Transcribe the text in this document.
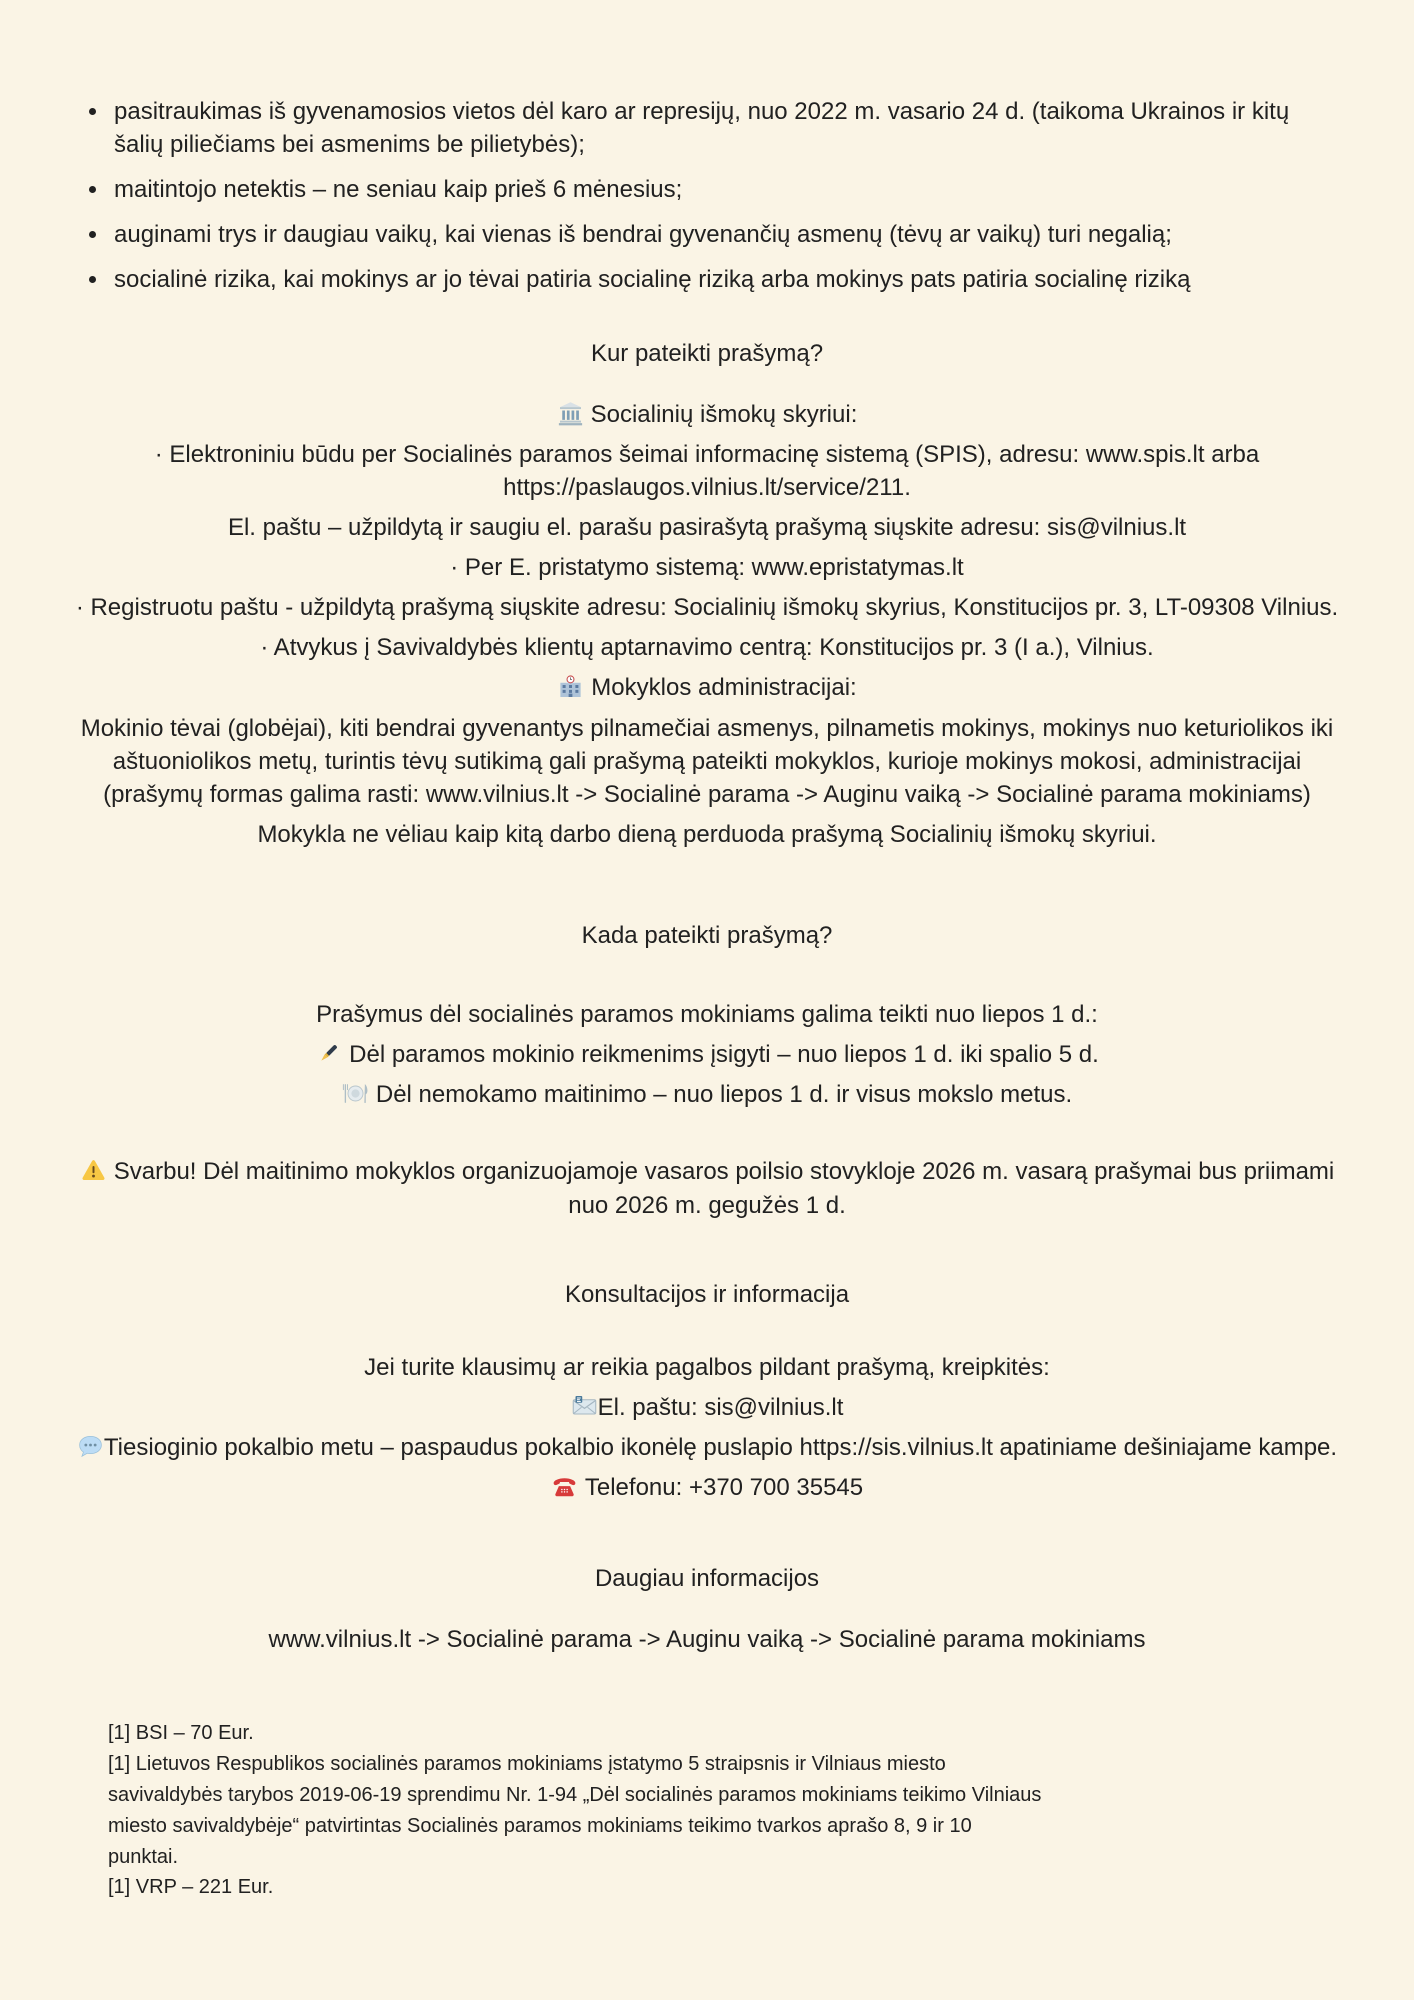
• pasitraukimas iš gyvenamosios vietos dėl karo ar represijų, nuo 2022 m. vasario 24 d. (taikoma Ukrainos ir kitų šalių piliečiams bei asmenims be pilietybės);
• maitintojo netektis – ne seniau kaip prieš 6 mėnesius;
• auginami trys ir daugiau vaikų, kai vienas iš bendrai gyvenančių asmenų (tėvų ar vaikų) turi negalią;
• socialinė rizika, kai mokinys ar jo tėvai patiria socialinę riziką arba mokinys pats patiria socialinę riziką
Kur pateikti prašymą?

Socialinių išmokų skyriui:

· Elektroniniu būdu per Socialinės paramos šeimai informacinę sistemą (SPIS), adresu: www.spis.lt arba https://paslaugos.vilnius.lt/service/211.

El. paštu – užpildytą ir saugiu el. parašu pasirašytą prašymą siųskite adresu: sis@vilnius.lt

· Per E. pristatymo sistemą: www.epristatymas.lt

· Registruotu paštu - užpildytą prašymą siųskite adresu: Socialinių išmokų skyrius, Konstitucijos pr. 3, LT-09308 Vilnius.

· Atvykus į Savivaldybės klientų aptarnavimo centrą: Konstitucijos pr. 3 (I a.), Vilnius.

Mokyklos administracijai:

Mokinio tėvai (globėjai), kiti bendrai gyvenantys pilnamečiai asmenys, pilnametis mokinys, mokinys nuo keturiolikos iki aštuoniolikos metų, turintis tėvų sutikimą gali prašymą pateikti mokyklos, kurioje mokinys mokosi, administracijai (prašymų formas galima rasti: www.vilnius.lt -> Socialinė parama -> Auginu vaiką -> Socialinė parama mokiniams)

Mokykla ne vėliau kaip kitą darbo dieną perduoda prašymą Socialinių išmokų skyriui.

Kada pateikti prašymą?

Prašymus dėl socialinės paramos mokiniams galima teikti nuo liepos 1 d.:

Dėl paramos mokinio reikmenims įsigyti – nuo liepos 1 d. iki spalio 5 d.

Dėl nemokamo maitinimo – nuo liepos 1 d. ir visus mokslo metus.

Svarbu! Dėl maitinimo mokyklos organizuojamoje vasaros poilsio stovykloje 2026 m. vasarą prašymai bus priimami nuo 2026 m. gegužės 1 d.

Konsultacijos ir informacija

Jei turite klausimų ar reikia pagalbos pildant prašymą, kreipkitės:

El. paštu: sis@vilnius.lt

Tiesioginio pokalbio metu – paspaudus pokalbio ikonėlę puslapio https://sis.vilnius.lt apatiniame dešiniajame kampe.

Telefonu: +370 700 35545

Daugiau informacijos

www.vilnius.lt -> Socialinė parama -> Auginu vaiką -> Socialinė parama mokiniams

[1] BSI – 70 Eur.

[1] Lietuvos Respublikos socialinės paramos mokiniams įstatymo 5 straipsnis ir Vilniaus miesto savivaldybės tarybos 2019-06-19 sprendimu Nr. 1-94 „Dėl socialinės paramos mokiniams teikimo Vilniaus miesto savivaldybėje“ patvirtintas Socialinės paramos mokiniams teikimo tvarkos aprašo 8, 9 ir 10 punktai.

[1] VRP – 221 Eur.
